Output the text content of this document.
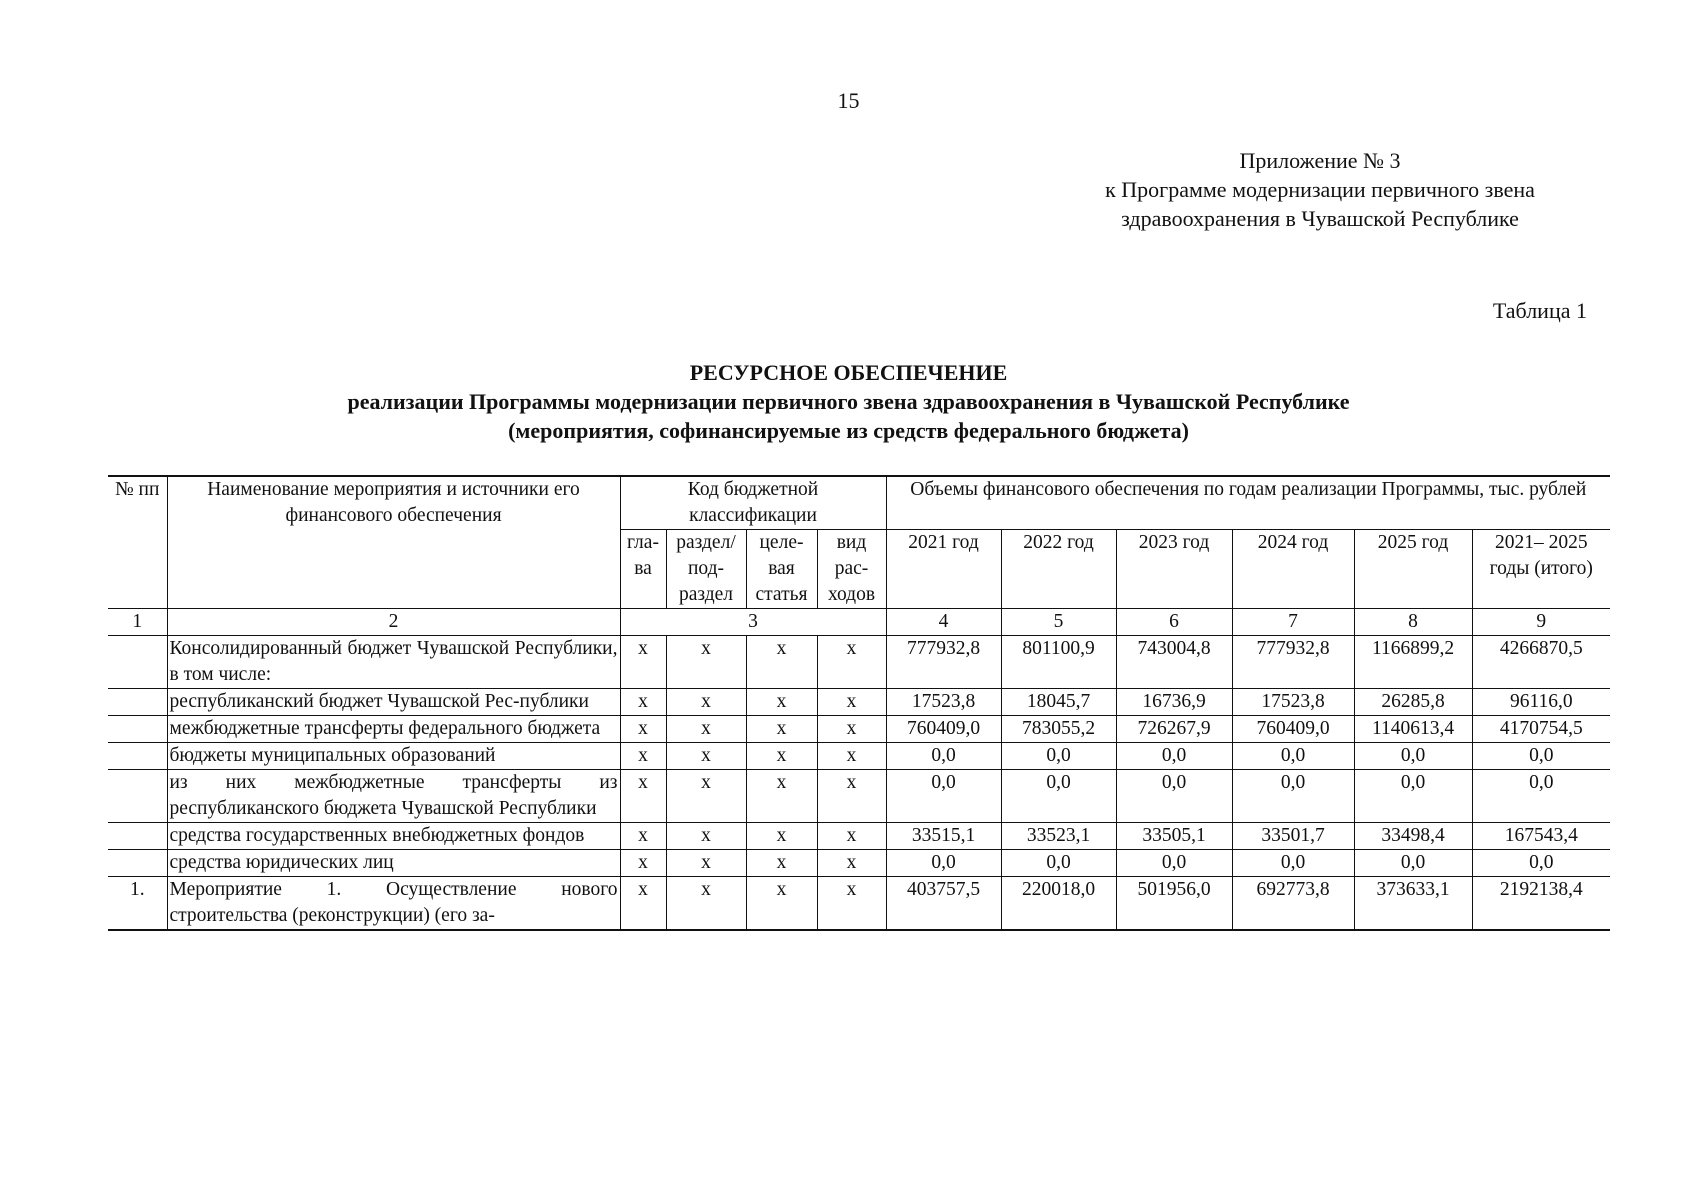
15
Приложение № 3
к Программе модернизации первичного звена
здравоохранения в Чувашской Республике
Таблица 1
РЕСУРСНОЕ ОБЕСПЕЧЕНИЕ
реализации Программы модернизации первичного звена здравоохранения в Чувашской Республике
(мероприятия, софинансируемые из средств федерального бюджета)
№ пп	Наименование мероприятия и источники его финансового обеспечения	Код бюджетной классификации				Объемы финансового обеспечения по годам реализации Программы, тыс. рублей					
		гла-ва	раздел/ под-раздел	целе-вая статья	вид рас-ходов	2021 год	2022 год	2023 год	2024 год	2025 год	2021– 2025 годы (итого)
1	2	3				4	5	6	7	8	9
	Консолидированный бюджет Чувашской Республики, в том числе:	х	х	х	х	777932,8	801100,9	743004,8	777932,8	1166899,2	4266870,5
	республиканский бюджет Чувашской Рес-публики	х	х	х	х	17523,8	18045,7	16736,9	17523,8	26285,8	96116,0
	межбюджетные трансферты федерального бюджета	х	х	х	х	760409,0	783055,2	726267,9	760409,0	1140613,4	4170754,5
	бюджеты муниципальных образований	х	х	х	х	0,0	0,0	0,0	0,0	0,0	0,0
	из них межбюджетные трансферты из республиканского бюджета Чувашской Республики	х	х	х	х	0,0	0,0	0,0	0,0	0,0	0,0
	средства государственных внебюджетных фондов	х	х	х	х	33515,1	33523,1	33505,1	33501,7	33498,4	167543,4
	средства юридических лиц	х	х	х	х	0,0	0,0	0,0	0,0	0,0	0,0
1.	Мероприятие 1. Осуществление нового строительства (реконструкции) (его за-	х	х	х	х	403757,5	220018,0	501956,0	692773,8	373633,1	2192138,4
